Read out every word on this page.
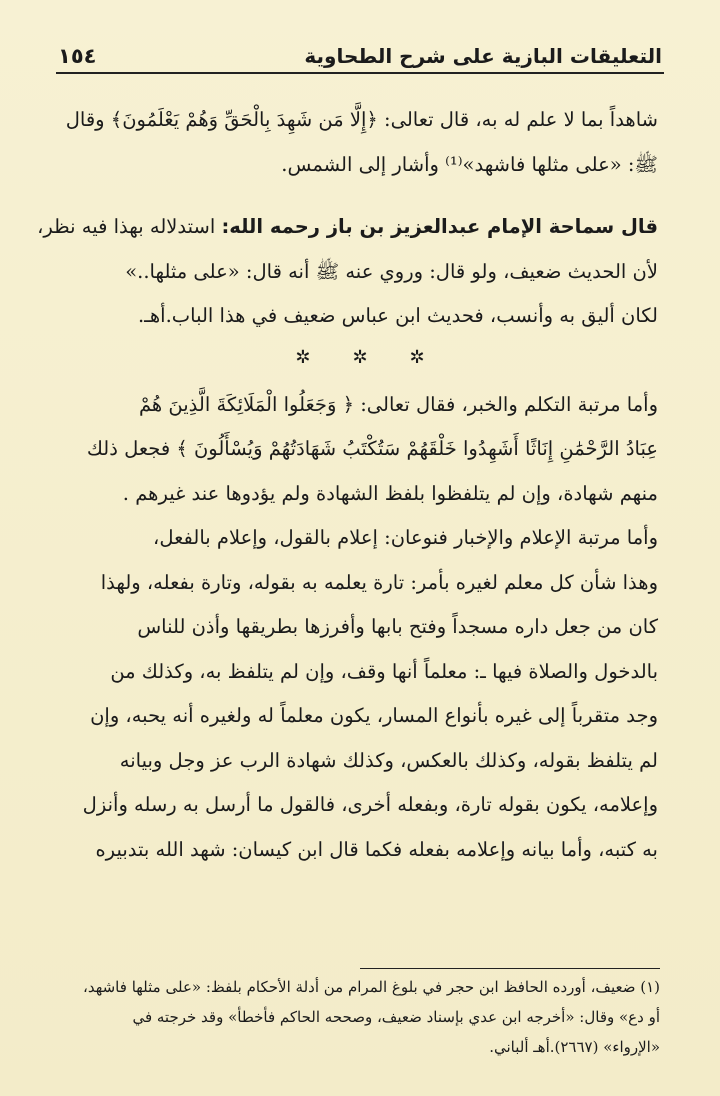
التعليقات البازية على شرح الطحاوية
١٥٤

شاهداً بما لا علم له به، قال تعالى: ﴿إِلَّا مَن شَهِدَ بِالْحَقِّ وَهُمْ يَعْلَمُونَ﴾ وقال
ﷺ: «على مثلها فاشهد»⁽¹⁾ وأشار إلى الشمس.

قال سماحة الإمام عبدالعزيز بن باز رحمه الله: استدلاله بهذا فيه نظر،
لأن الحديث ضعيف، ولو قال: وروي عنه ﷺ أنه قال: «على مثلها..»
لكان أليق به وأنسب، فحديث ابن عباس ضعيف في هذا الباب.أهـ.

✲
✲
✲

وأما مرتبة التكلم والخبر، فقال تعالى: ﴿ وَجَعَلُوا الْمَلَائِكَةَ الَّذِينَ هُمْ
عِبَادُ الرَّحْمَٰنِ إِنَاثًا أَشَهِدُوا خَلْقَهُمْ سَتُكْتَبُ شَهَادَتُهُمْ وَيُسْأَلُونَ ﴾ فجعل ذلك
منهم شهادة، وإن لم يتلفظوا بلفظ الشهادة ولم يؤدوها عند غيرهم .

وأما مرتبة الإعلام والإخبار فنوعان: إعلام بالقول، وإعلام بالفعل،
وهذا شأن كل معلم لغيره بأمر: تارة يعلمه به بقوله، وتارة بفعله، ولهذا
كان من جعل داره مسجداً وفتح بابها وأفرزها بطريقها وأذن للناس
بالدخول والصلاة فيها ـ: معلماً أنها وقف، وإن لم يتلفظ به، وكذلك من
وجد متقرباً إلى غيره بأنواع المسار، يكون معلماً له ولغيره أنه يحبه، وإن
لم يتلفظ بقوله، وكذلك بالعكس، وكذلك شهادة الرب عز وجل وبيانه
وإعلامه، يكون بقوله تارة، وبفعله أخرى، فالقول ما أرسل به رسله وأنزل
به كتبه، وأما بيانه وإعلامه بفعله فكما قال ابن كيسان: شهد الله بتدبيره

(١) ضعيف، أورده الحافظ ابن حجر في بلوغ المرام من أدلة الأحكام بلفظ: «على مثلها فاشهد،
أو دع» وقال: «أخرجه ابن عدي بإسناد ضعيف، وصححه الحاكم فأخطأ» وقد خرجته في
«الإرواء» (٢٦٦٧).أهـ ألباني.
